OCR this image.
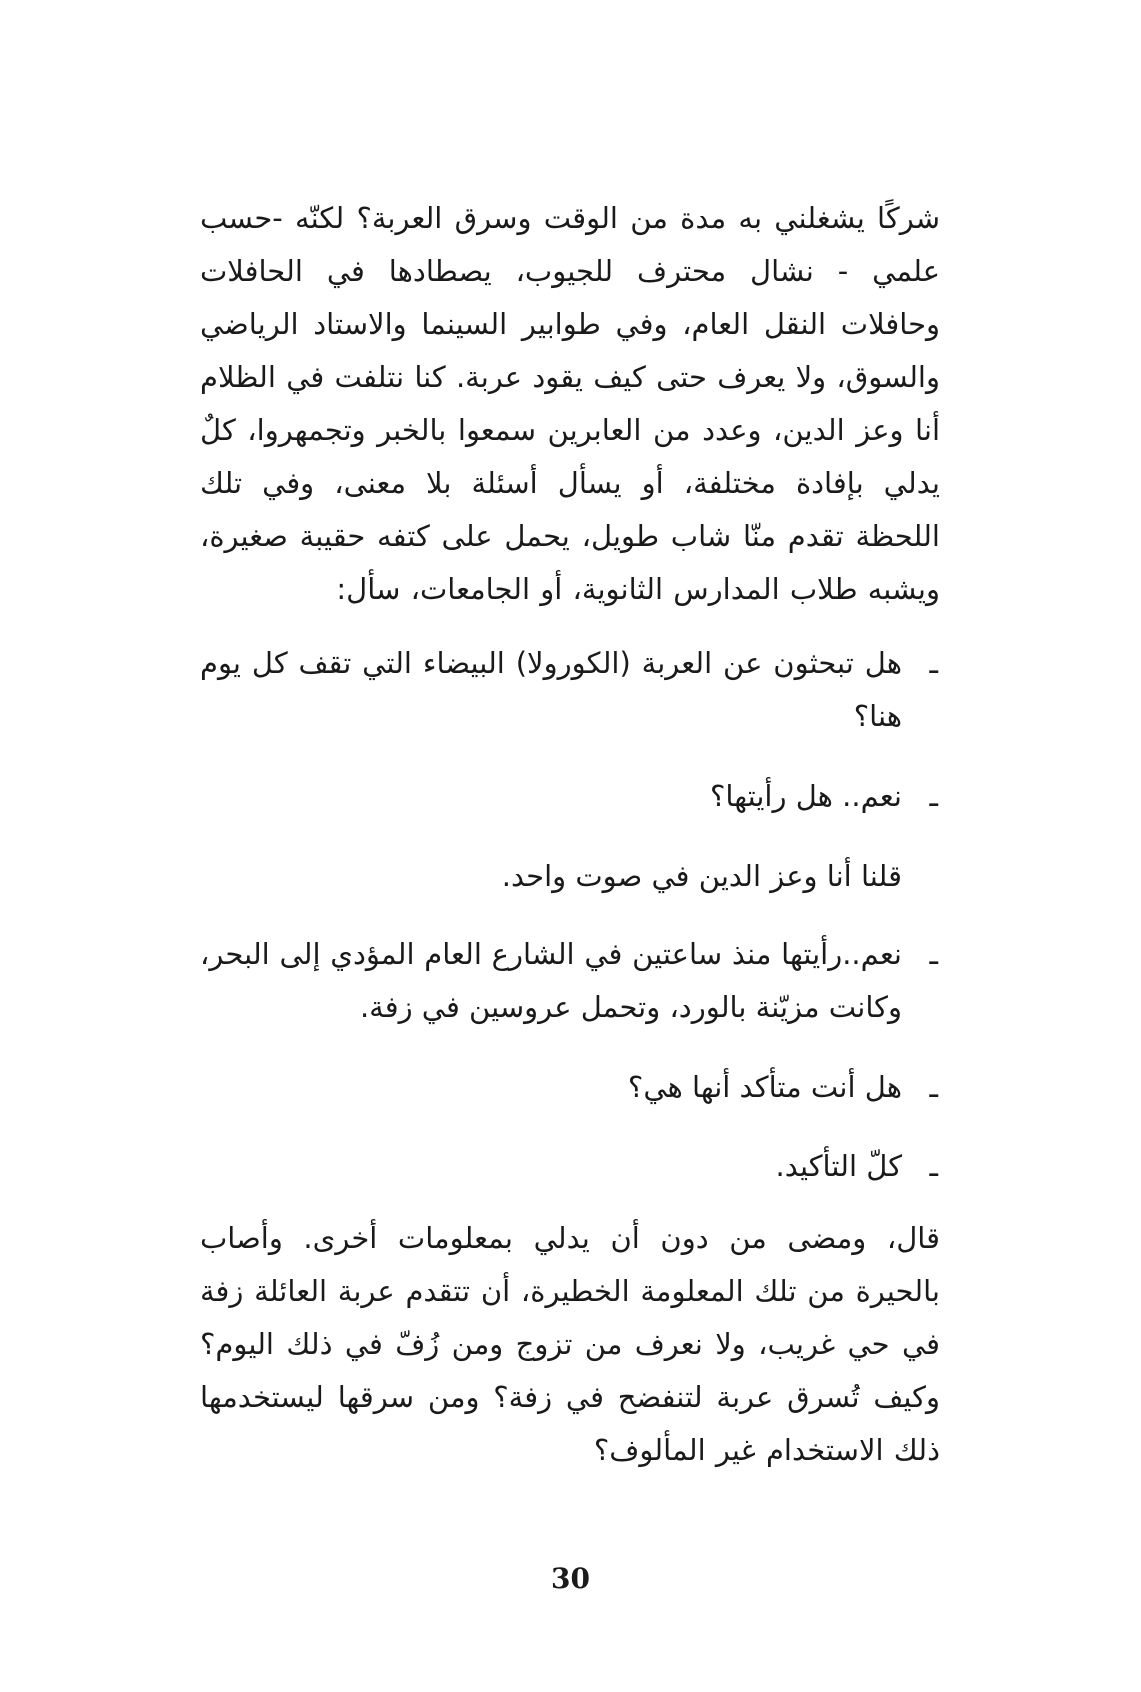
شركًا يشغلني به مدة من الوقت وسرق العربة؟ لكنّه -حسب علمي - نشال محترف للجيوب، يصطادها في الحافلات وحافلات النقل العام، وفي طوابير السينما والاستاد الرياضي والسوق، ولا يعرف حتى كيف يقود عربة. كنا نتلفت في الظلام أنا وعز الدين، وعدد من العابرين سمعوا بالخبر وتجمهروا، كلٌ يدلي بإفادة مختلفة، أو يسأل أسئلة بلا معنى، وفي تلك اللحظة تقدم منّا شاب طويل، يحمل على كتفه حقيبة صغيرة، ويشبه طلاب المدارس الثانوية، أو الجامعات، سأل:

ـ
هل تبحثون عن العربة (الكورولا) البيضاء التي تقف كل يوم هنا؟
ـ
نعم.. هل رأيتها؟
قلنا أنا وعز الدين في صوت واحد.
ـ
نعم..رأيتها منذ ساعتين في الشارع العام المؤدي إلى البحر، وكانت مزيّنة بالورد، وتحمل عروسين في زفة.
ـ
هل أنت متأكد أنها هي؟
ـ
كلّ التأكيد.

قال، ومضى من دون أن يدلي بمعلومات أخرى. وأصاب بالحيرة من تلك المعلومة الخطيرة، أن تتقدم عربة العائلة زفة في حي غريب، ولا نعرف من تزوج ومن زُفّ في ذلك اليوم؟ وكيف تُسرق عربة لتنفضح في زفة؟ ومن سرقها ليستخدمها ذلك الاستخدام غير المألوف؟

30
